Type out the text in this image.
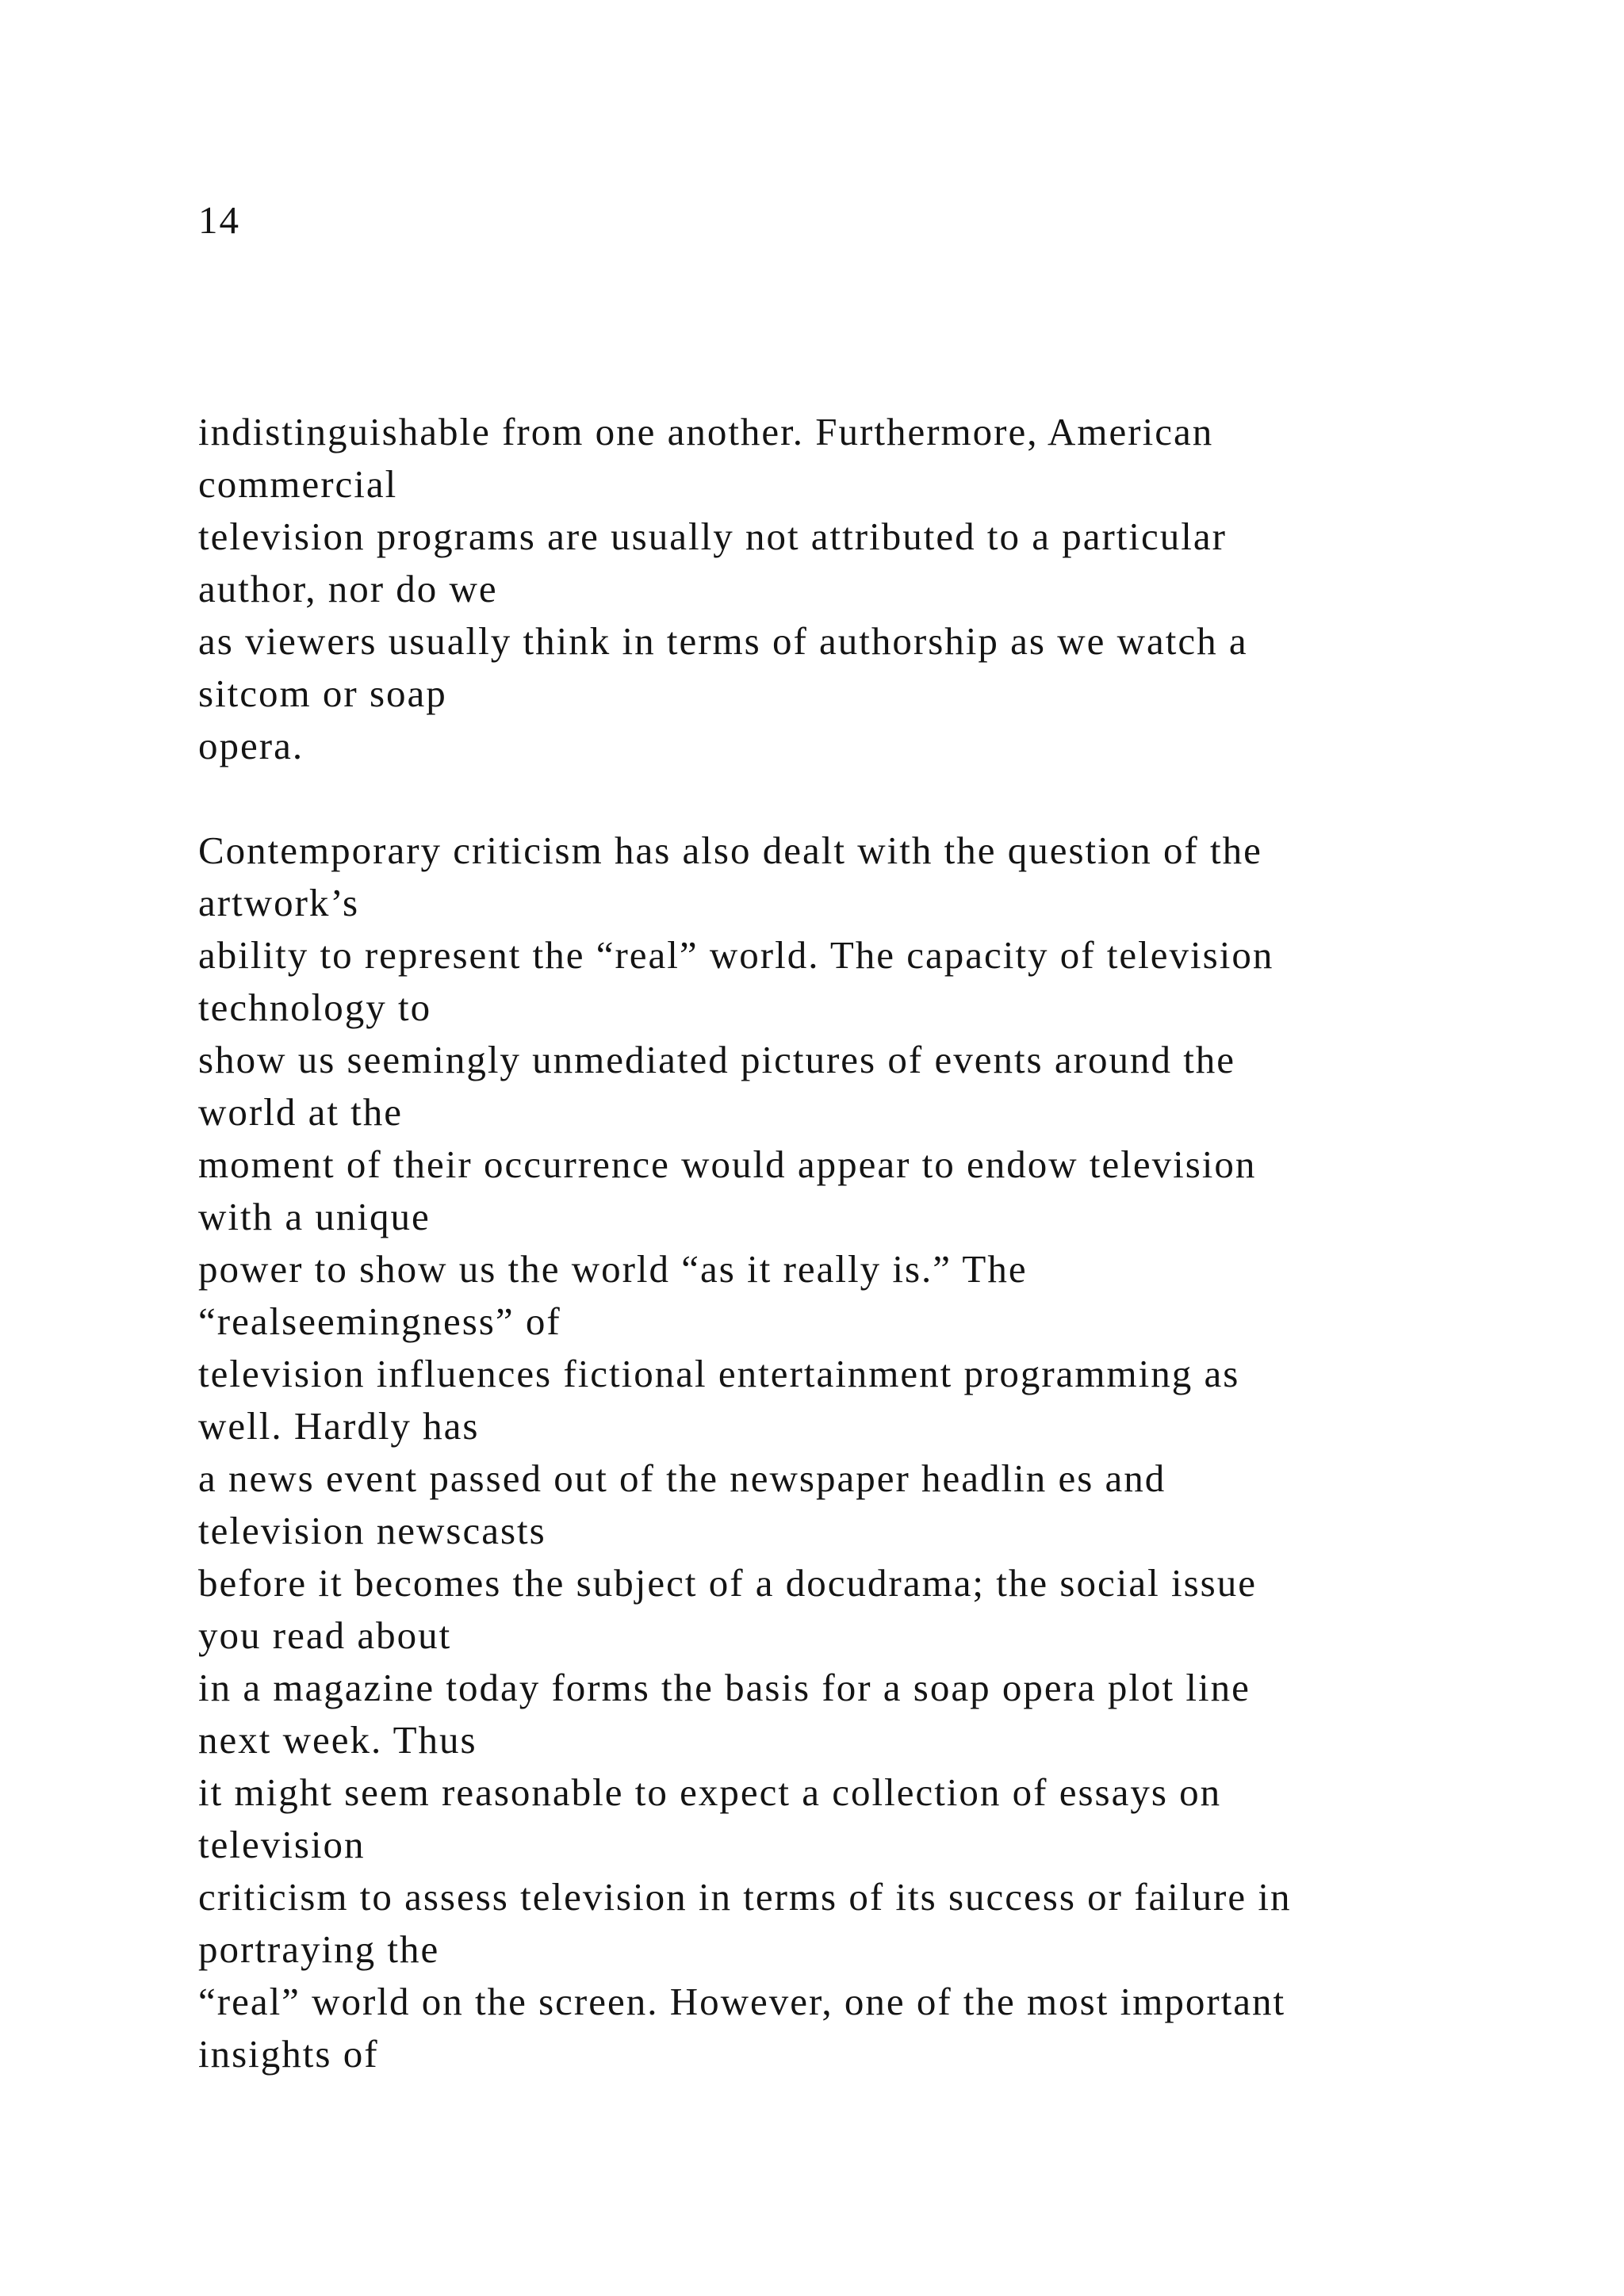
14
indistinguishable from one another. Furthermore, American
commercial
television programs are usually not attributed to a particular
author, nor do we
as viewers usually think in terms of authorship as we watch a
sitcom or soap
opera.
Contemporary criticism has also dealt with the question of the
artwork’s
ability to represent the “real” world. The capacity of television
technology to
show us seemingly unmediated pictures of events around the
world at the
moment of their occurrence would appear to endow television
with a unique
power to show us the world “as it really is.” The
“realseemingness” of
television influences fictional entertainment programming as
well. Hardly has
a news event passed out of the newspaper headlin es and
television newscasts
before it becomes the subject of a docudrama; the social issue
you read about
in a magazine today forms the basis for a soap opera plot line
next week. Thus
it might seem reasonable to expect a collection of essays on
television
criticism to assess television in terms of its success or failure in
portraying the
“real” world on the screen. However, one of the most important
insights of
